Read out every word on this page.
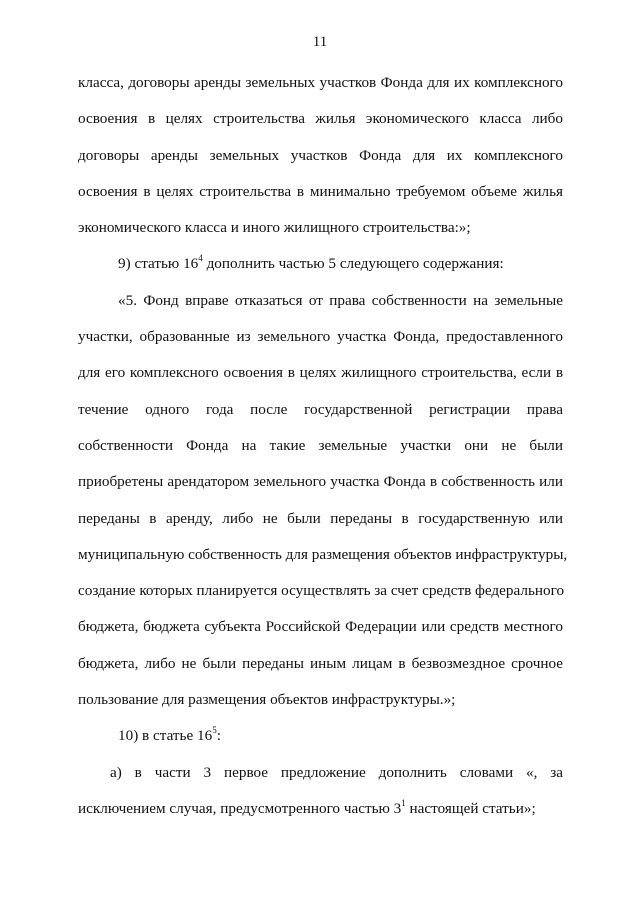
11
класса, договоры аренды земельных участков Фонда для их комплексного
освоения в целях строительства жилья экономического класса либо
договоры аренды земельных участков Фонда для их комплексного
освоения в целях строительства в минимально требуемом объеме жилья
экономического класса и иного жилищного строительства:»;
9) статью $16^4$ дополнить частью 5 следующего содержания:
«5. Фонд вправе отказаться от права собственности на земельные
участки, образованные из земельного участка Фонда, предоставленного
для его комплексного освоения в целях жилищного строительства, если в
течение одного года после государственной регистрации права
собственности Фонда на такие земельные участки они не были
приобретены арендатором земельного участка Фонда в собственность или
переданы в аренду, либо не были переданы в государственную или
муниципальную собственность для размещения объектов инфраструктуры,
создание которых планируется осуществлять за счет средств федерального
бюджета, бюджета субъекта Российской Федерации или средств местного
бюджета, либо не были переданы иным лицам в безвозмездное срочное
пользование для размещения объектов инфраструктуры.»;
10) в статье $16^5$:
а) в части 3 первое предложение дополнить словами «, за
исключением случая, предусмотренного частью $3^1$ настоящей статьи»;
